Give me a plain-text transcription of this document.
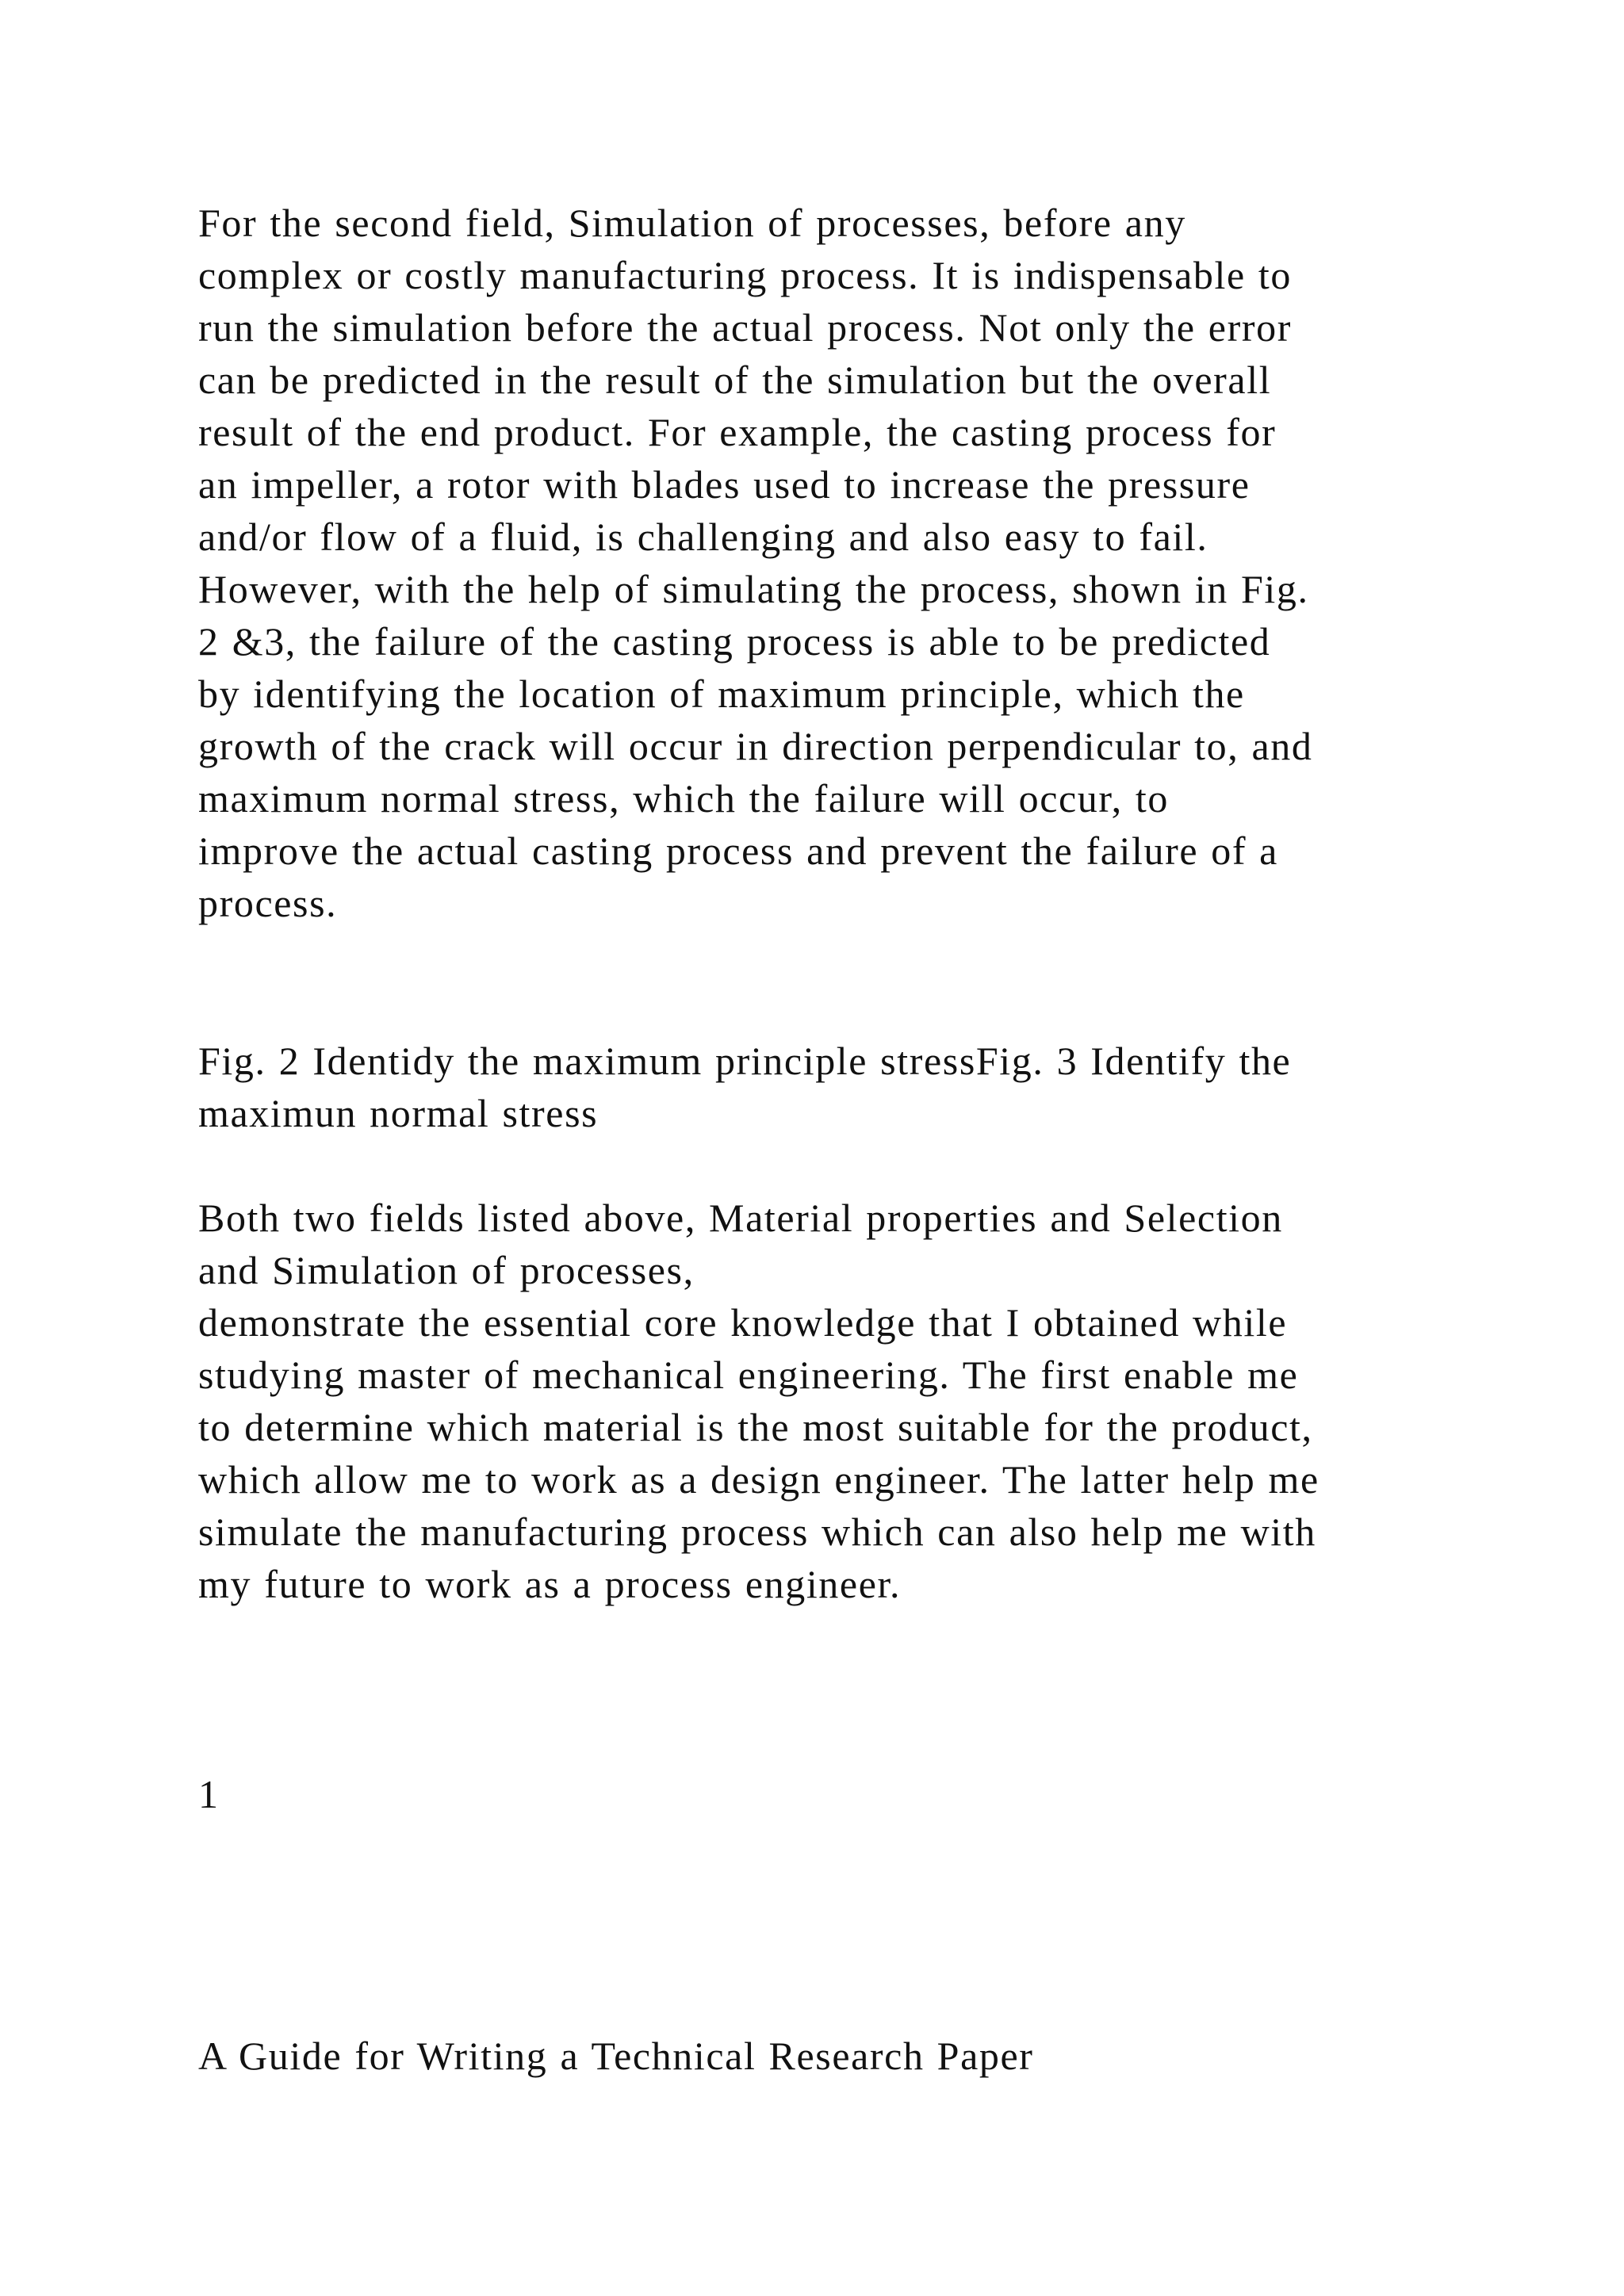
For the second field, Simulation of processes, before any
complex or costly manufacturing process. It is indispensable to
run the simulation before the actual process. Not only the error
can be predicted in the result of the simulation but the overall
result of the end product. For example, the casting process for
an impeller, a rotor with blades used to increase the pressure
and/or flow of a fluid, is challenging and also easy to fail.
However, with the help of simulating the process, shown in Fig.
2 &3, the failure of the casting process is able to be predicted
by identifying the location of maximum principle, which the
growth of the crack will occur in direction perpendicular to, and
maximum normal stress, which the failure will occur, to
improve the actual casting process and prevent the failure of a
process.
Fig. 2 Identidy the maximum principle stressFig. 3 Identify the
maximun normal stress
Both two fields listed above, Material properties and Selection
and Simulation of processes,
demonstrate the essential core knowledge that I obtained while
studying master of mechanical engineering. The first enable me
to determine which material is the most suitable for the product,
which allow me to work as a design engineer. The latter help me
simulate the manufacturing process which can also help me with
my future to work as a process engineer.
1
A Guide for Writing a Technical Research Paper
